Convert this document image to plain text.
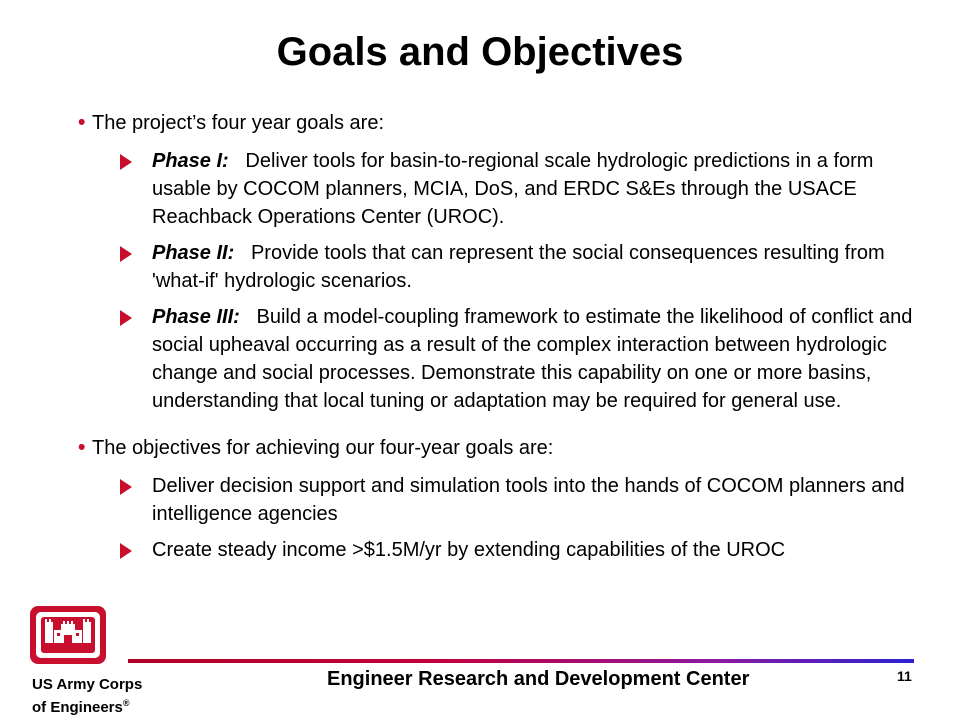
Goals and Objectives
• The project’s four year goals are:
Phase I: Deliver tools for basin-to-regional scale hydrologic predictions in a form usable by COCOM planners, MCIA, DoS, and ERDC S&Es through the USACE Reachback Operations Center (UROC).
Phase II: Provide tools that can represent the social consequences resulting from 'what-if' hydrologic scenarios.
Phase III: Build a model-coupling framework to estimate the likelihood of conflict and social upheaval occurring as a result of the complex interaction between hydrologic change and social processes. Demonstrate this capability on one or more basins, understanding that local tuning or adaptation may be required for general use.
• The objectives for achieving our four-year goals are:
Deliver decision support and simulation tools into the hands of COCOM planners and intelligence agencies
Create steady income >$1.5M/yr by extending capabilities of the UROC
Engineer Research and Development Center	11
US Army Corps
of Engineers®
